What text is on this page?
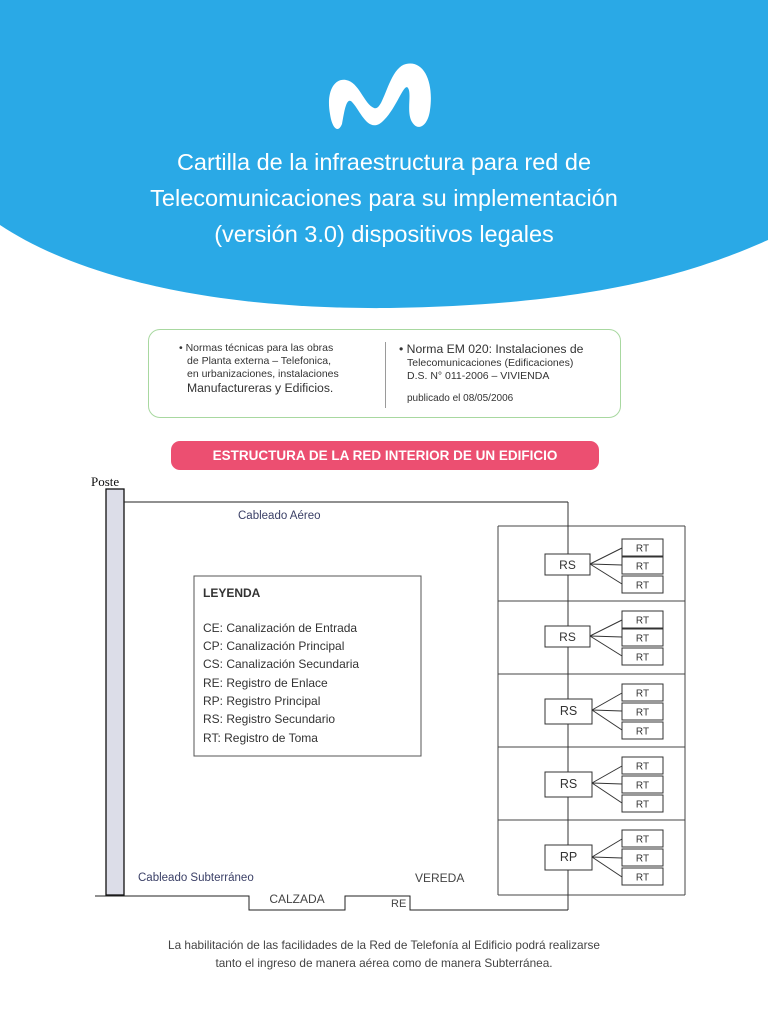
Cartilla de la infraestructura para red de
Telecomunicaciones para su implementación
(versión 3.0) dispositivos legales
• Normas técnicas para las obras
de Planta externa – Telefonica,
en urbanizaciones, instalaciones
Manufactureras y Edificios.
• Norma EM 020: Instalaciones de
Telecomunicaciones (Edificaciones)
D.S. N° 011-2006 – VIVIENDA
publicado el 08/05/2006
ESTRUCTURA DE LA RED INTERIOR DE UN EDIFICIO
Poste
Cableado Aéreo
RS
RT
RT
RT
RS
RT
RT
RT
RS
RT
RT
RT
RS
RT
RT
RT
RP
RT
RT
RT
LEYENDA
CE: Canalización de Entrada
CP: Canalización Principal
CS: Canalización Secundaria
RE: Registro de Enlace
RP: Registro Principal
RS: Registro Secundario
RT: Registro de Toma
Cableado Subterráneo	VEREDA
CALZADA	RE
La habilitación de las facilidades de la Red de Telefonía al Edificio podrá realizarse
tanto el ingreso de manera aérea como de manera Subterránea.
